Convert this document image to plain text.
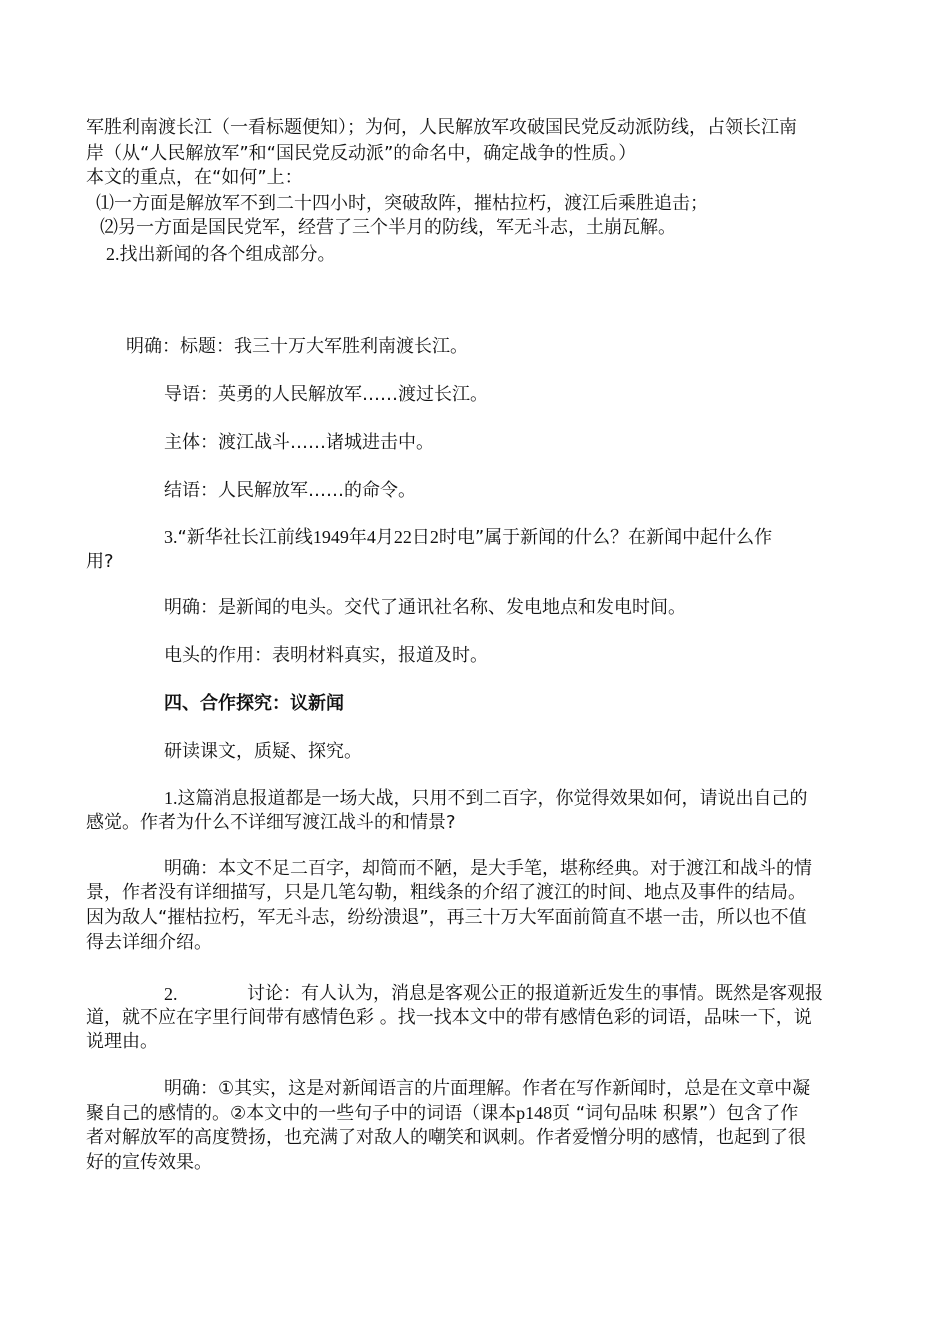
军胜利南渡长江（一看标题便知）；为何，人民解放军攻破国民党反动派防线，占领长江南
岸（从“人民解放军”和“国民党反动派”的命名中，确定战争的性质。）
本文的重点，在“如何”上：
⑴一方面是解放军不到二十四小时，突破敌阵，摧枯拉朽，渡江后乘胜追击；
⑵另一方面是国民党军，经营了三个半月的防线，军无斗志，土崩瓦解。
2.找出新闻的各个组成部分。
明确：标题：我三十万大军胜利南渡长江。
导语：英勇的人民解放军……渡过长江。
主体：渡江战斗……诸城进击中。
结语：人民解放军……的命令。
3.“新华社长江前线1949年4月22日2时电”属于新闻的什么？在新闻中起什么作
用?
明确：是新闻的电头。交代了通讯社名称、发电地点和发电时间。
电头的作用：表明材料真实，报道及时。
四、合作探究：议新闻
研读课文，质疑、探究。
1.这篇消息报道都是一场大战，只用不到二百字，你觉得效果如何，请说出自己的
感觉。作者为什么不详细写渡江战斗的和情景?
明确：本文不足二百字，却简而不陋，是大手笔，堪称经典。对于渡江和战斗的情
景，作者没有详细描写，只是几笔勾勒，粗线条的介绍了渡江的时间、地点及事件的结局。
因为敌人“摧枯拉朽，军无斗志，纷纷溃退”，再三十万大军面前简直不堪一击，所以也不值
得去详细介绍。
2.	讨论：有人认为，消息是客观公正的报道新近发生的事情。既然是客观报
道，就不应在字里行间带有感情色彩 。找一找本文中的带有感情色彩的词语，品味一下，说
说理由。
明确：①其实，这是对新闻语言的片面理解。作者在写作新闻时，总是在文章中凝
聚自己的感情的。②本文中的一些句子中的词语（课本p148页 “词句品味 积累”）包含了作
者对解放军的高度赞扬，也充满了对敌人的嘲笑和讽刺。作者爱憎分明的感情，也起到了很
好的宣传效果。
